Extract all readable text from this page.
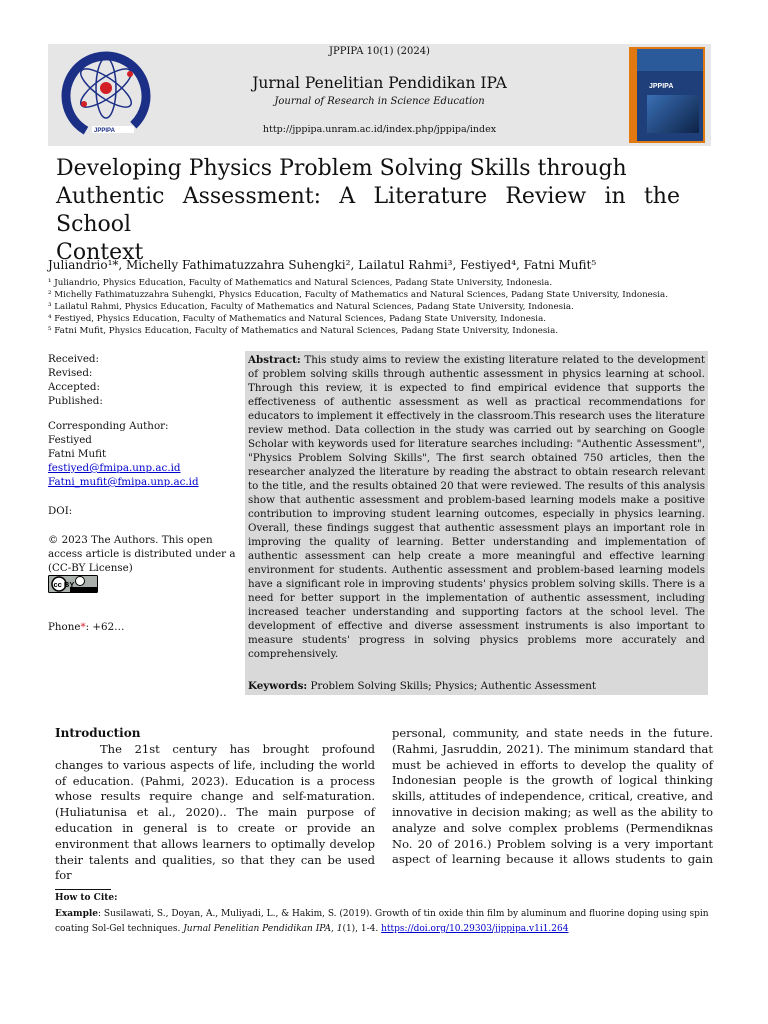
JPPIPA
JPPIPA 10(1) (2024)
Jurnal Penelitian Pendidikan IPA
Journal of Research in Science Education
http://jppipa.unram.ac.id/index.php/jppipa/index
JPPIPA
Developing Physics Problem Solving Skills through
Authentic Assessment: A Literature Review in the School
Context
Juliandrio¹*, Michelly Fathimatuzzahra Suhengki², Lailatul Rahmi³, Festiyed⁴, Fatni Mufit⁵
¹ Juliandrio, Physics Education, Faculty of Mathematics and Natural Sciences, Padang State University, Indonesia.
² Michelly Fathimatuzzahra Suhengki, Physics Education, Faculty of Mathematics and Natural Sciences, Padang State University, Indonesia.
³ Lailatul Rahmi, Physics Education, Faculty of Mathematics and Natural Sciences, Padang State University, Indonesia.
⁴ Festiyed, Physics Education, Faculty of Mathematics and Natural Sciences, Padang State University, Indonesia.
⁵ Fatni Mufit, Physics Education, Faculty of Mathematics and Natural Sciences, Padang State University, Indonesia.
Received:
Revised:
Accepted:
Published:
Corresponding Author:
Festiyed
Fatni Mufit
festiyed@fmipa.unp.ac.id
Fatni_mufit@fmipa.unp.ac.id
DOI:
© 2023 The Authors. This open
access article is distributed under a
(CC-BY License)
cc BY
Phone*: +62…
Abstract: This study aims to review the existing literature related to the development of problem solving skills through authentic assessment in physics learning at school. Through this review, it is expected to find empirical evidence that supports the effectiveness of authentic assessment as well as practical recommendations for educators to implement it effectively in the classroom.This research uses the literature review method. Data collection in the study was carried out by searching on Google Scholar with keywords used for literature searches including: "Authentic Assessment", "Physics Problem Solving Skills", The first search obtained 750 articles, then the researcher analyzed the literature by reading the abstract to obtain research relevant to the title, and the results obtained 20 that were reviewed. The results of this analysis show that authentic assessment and problem-based learning models make a positive contribution to improving student learning outcomes, especially in physics learning. Overall, these findings suggest that authentic assessment plays an important role in improving the quality of learning. Better understanding and implementation of authentic assessment can help create a more meaningful and effective learning environment for students. Authentic assessment and problem-based learning models have a significant role in improving students' physics problem solving skills. There is a need for better support in the implementation of authentic assessment, including increased teacher understanding and supporting factors at the school level. The development of effective and diverse assessment instruments is also important to measure students' progress in solving physics problems more accurately and comprehensively.
Keywords: Problem Solving Skills; Physics; Authentic Assessment
Introduction
The 21st century has brought profound
changes to various aspects of life, including the world
of education. (Pahmi, 2023). Education is a process
whose results require change and self-maturation.
(Huliatunisa et al., 2020).. The main purpose of
education in general is to create or provide an
environment that allows learners to optimally develop
their talents and qualities, so that they can be used for
personal, community, and state needs in the future.
(Rahmi, Jasruddin, 2021). The minimum standard that
must be achieved in efforts to develop the quality of
Indonesian people is the growth of logical thinking
skills, attitudes of independence, critical, creative, and
innovative in decision making; as well as the ability to
analyze and solve complex problems (Permendiknas
No. 20 of 2016.) Problem solving is a very important
aspect of learning because it allows students to gain
How to Cite:
Example: Susilawati, S., Doyan, A., Muliyadi, L., & Hakim, S. (2019). Growth of tin oxide thin film by aluminum and fluorine doping using spin coating Sol-Gel techniques. Jurnal Penelitian Pendidikan IPA, 1(1), 1-4. https://doi.org/10.29303/jjppipa.v1i1.264
